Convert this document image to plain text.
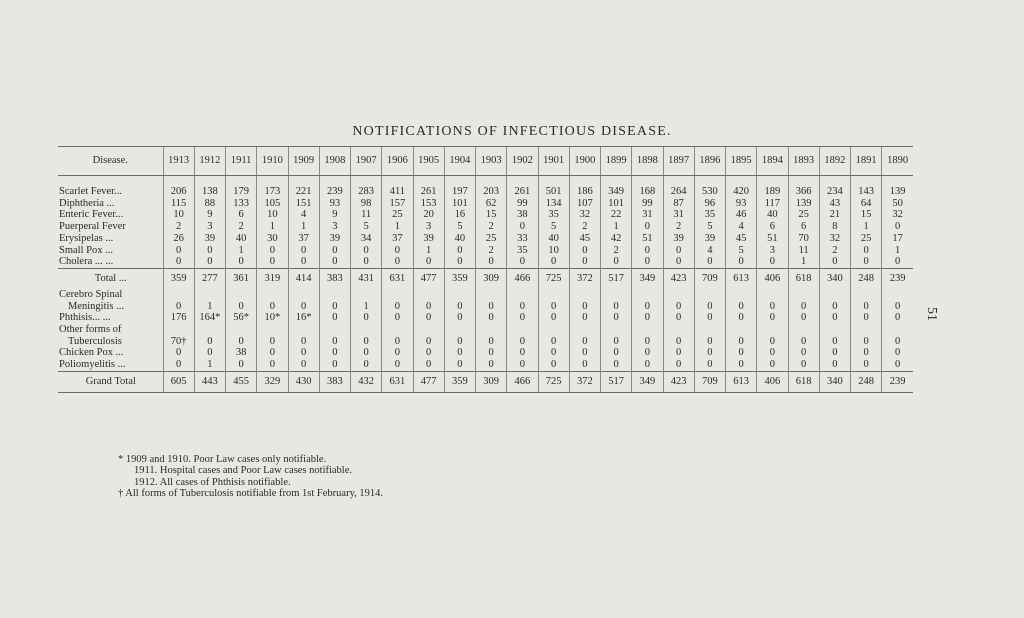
NOTIFICATIONS OF INFECTIOUS DISEASE.
Disease.	1913	1912	1911	1910	1909	1908	1907	1906	1905	1904	1903	1902	1901	1900	1899	1898	1897	1896	1895	1894	1893	1892	1891	1890
Scarlet Fever...	206	138	179	173	221	239	283	411	261	197	203	261	501	186	349	168	264	530	420	189	366	234	143	139
Diphtheria ...	115	88	133	105	151	93	98	157	153	101	62	99	134	107	101	99	87	96	93	117	139	43	64	50
Enteric Fever...	10	9	6	10	4	9	11	25	20	16	15	38	35	32	22	31	31	35	46	40	25	21	15	32
Puerperal Fever	2	3	2	1	1	3	5	1	3	5	2	0	5	2	1	0	2	5	4	6	6	8	1	0
Erysipelas ...	26	39	40	30	37	39	34	37	39	40	25	33	40	45	42	51	39	39	45	51	70	32	25	17
Small Pox ...	0	0	1	0	0	0	0	0	1	0	2	35	10	0	2	0	0	4	5	3	11	2	0	1
Cholera ... ...	0	0	0	0	0	0	0	0	0	0	0	0	0	0	0	0	0	0	0	0	1	0	0	0
Total ...	359	277	361	319	414	383	431	631	477	359	309	466	725	372	517	349	423	709	613	406	618	340	248	239
Cerebro Spinal																								
Meningitis ...	0	1	0	0	0	0	1	0	0	0	0	0	0	0	0	0	0	0	0	0	0	0	0	0
Phthisis... ...	176	164*	56*	10*	16*	0	0	0	0	0	0	0	0	0	0	0	0	0	0	0	0	0	0	0
Other forms of																								
Tuberculosis	70†	0	0	0	0	0	0	0	0	0	0	0	0	0	0	0	0	0	0	0	0	0	0	0
Chicken Pox ...	0	0	38	0	0	0	0	0	0	0	0	0	0	0	0	0	0	0	0	0	0	0	0	0
Poliomyelitis ...	0	1	0	0	0	0	0	0	0	0	0	0	0	0	0	0	0	0	0	0	0	0	0	0
Grand Total	605	443	455	329	430	383	432	631	477	359	309	466	725	372	517	349	423	709	613	406	618	340	248	239
* 1909 and 1910. Poor Law cases only notifiable.
1911. Hospital cases and Poor Law cases notifiable.
1912. All cases of Phthisis notifiable.
† All forms of Tuberculosis notifiable from 1st February, 1914.
51
